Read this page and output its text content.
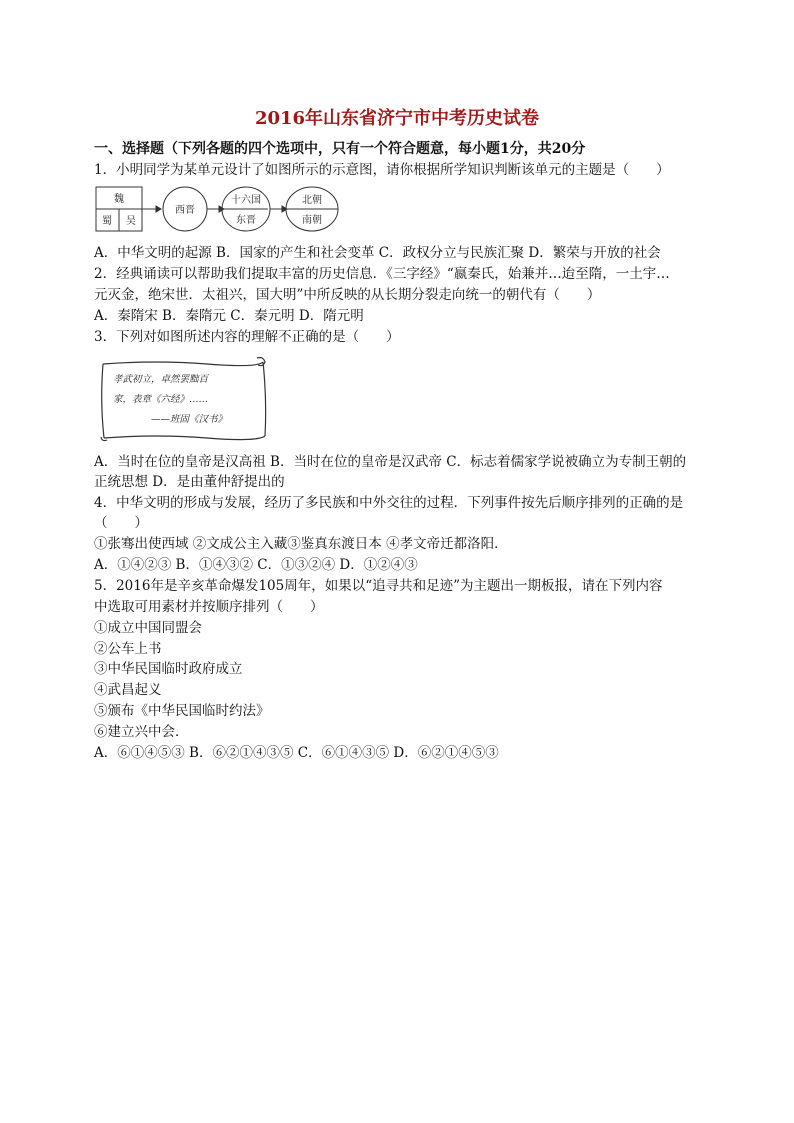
2016年山东省济宁市中考历史试卷
一、选择题（下列各题的四个选项中，只有一个符合题意，每小题1分，共20分
1．小明同学为某单元设计了如图所示的示意图，请你根据所学知识判断该单元的主题是（　　）
魏
蜀 吴
西晋
十六国
东晋
北朝
南朝
A．中华文明的起源 B．国家的产生和社会变革 C．政权分立与民族汇聚 D．繁荣与开放的社会
2．经典诵读可以帮助我们提取丰富的历史信息．《三字经》“嬴秦氏，始兼并…迨至隋，一土宇…
元灭金，绝宋世．太祖兴，国大明”中所反映的从长期分裂走向统一的朝代有（　　）
A．秦隋宋 B．秦隋元 C．秦元明 D．隋元明
3．下列对如图所述内容的理解不正确的是（　　）
孝武初立，卓然罢黜百
家，表章《六经》……
——班固《汉书》
A．当时在位的皇帝是汉高祖 B．当时在位的皇帝是汉武帝 C．标志着儒家学说被确立为专制王朝的
正统思想 D．是由董仲舒提出的
4．中华文明的形成与发展，经历了多民族和中外交往的过程．下列事件按先后顺序排列的正确的是
（　　）
①张骞出使西域 ②文成公主入藏③鉴真东渡日本 ④孝文帝迁都洛阳．
A．①④②③ B．①④③② C．①③②④ D．①②④③
5．2016年是辛亥革命爆发105周年，如果以“追寻共和足迹”为主题出一期板报，请在下列内容
中选取可用素材并按顺序排列（　　）
①成立中国同盟会
②公车上书
③中华民国临时政府成立
④武昌起义
⑤颁布《中华民国临时约法》
⑥建立兴中会．
A．⑥①④⑤③ B．⑥②①④③⑤ C．⑥①④③⑤ D．⑥②①④⑤③
